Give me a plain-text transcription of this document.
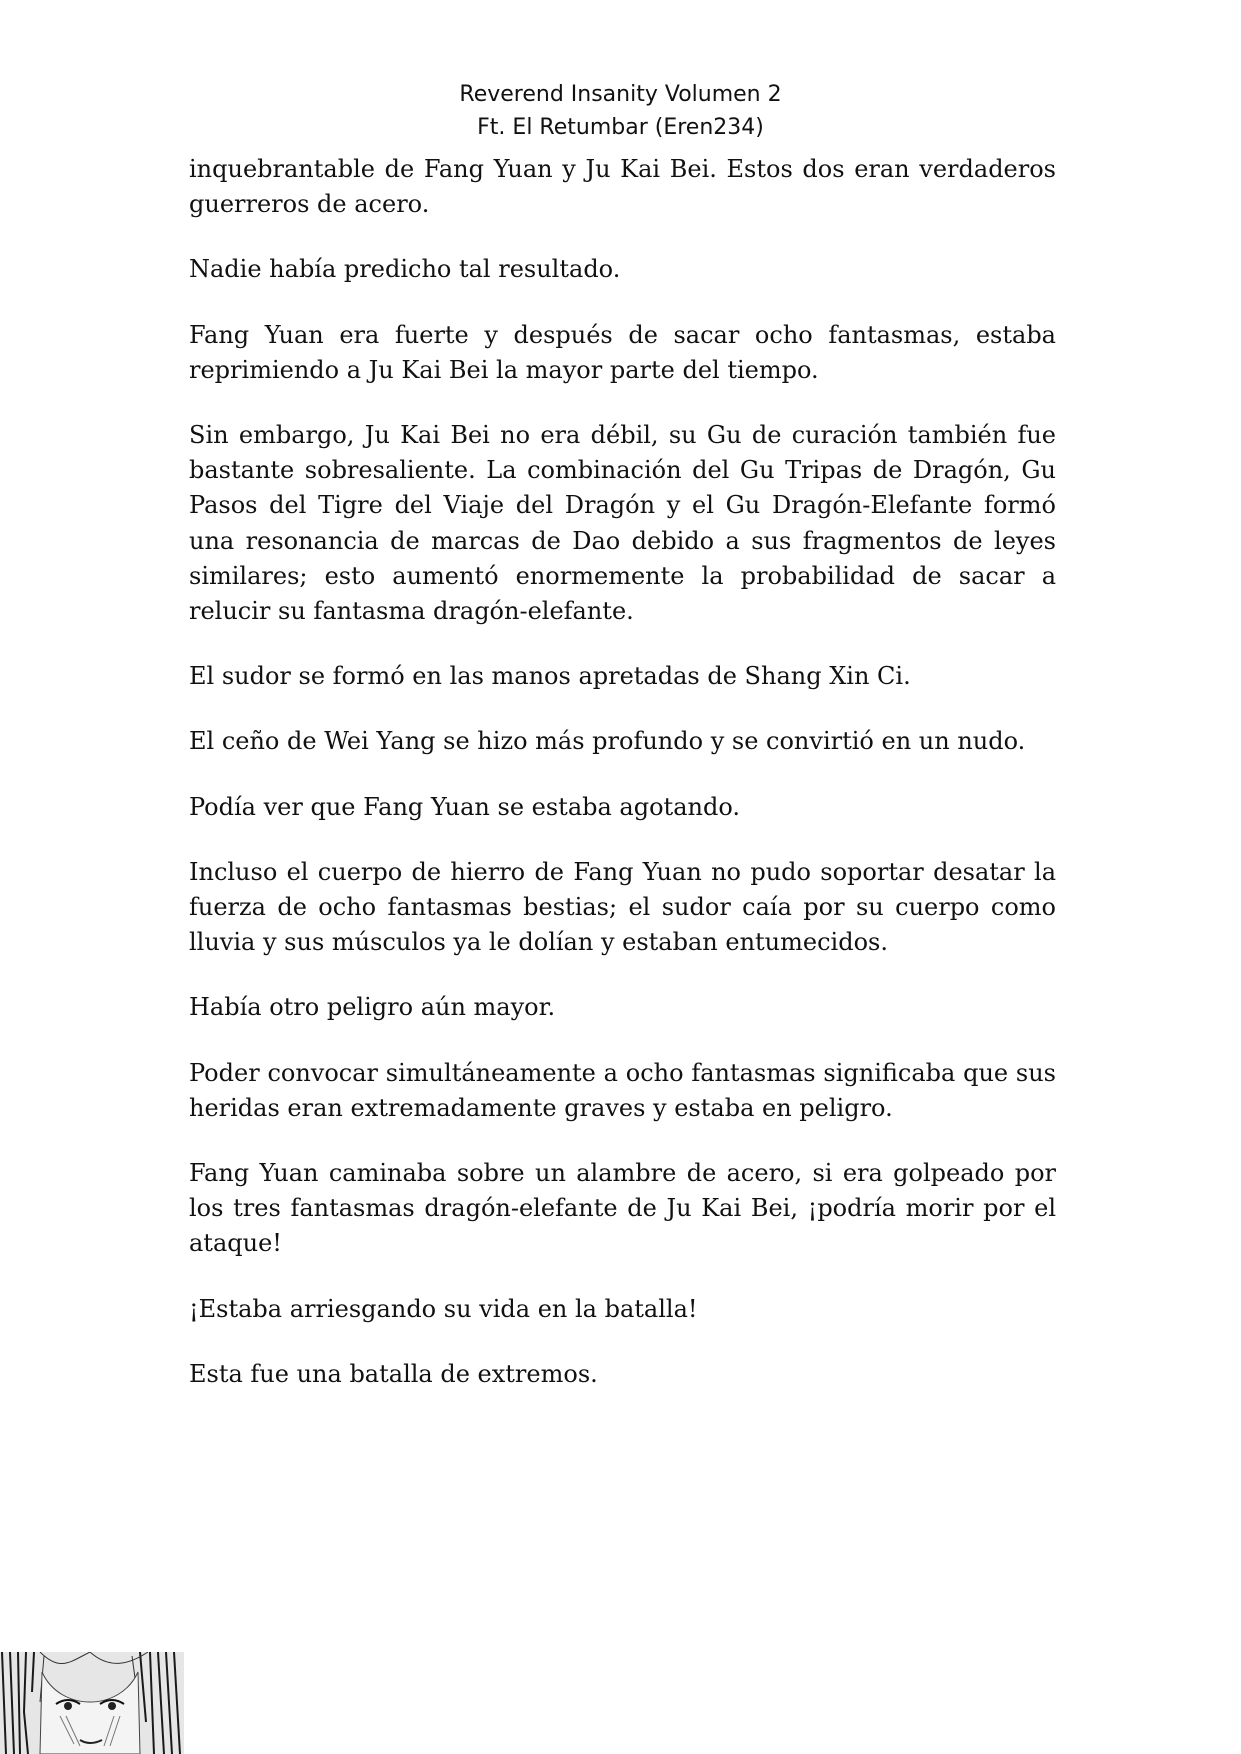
Reverend Insanity Volumen 2
Ft. El Retumbar (Eren234)

inquebrantable de Fang Yuan y Ju Kai Bei. Estos dos eran verdaderos guerreros de acero.

Nadie había predicho tal resultado.

Fang Yuan era fuerte y después de sacar ocho fantasmas, estaba reprimiendo a Ju Kai Bei la mayor parte del tiempo.

Sin embargo, Ju Kai Bei no era débil, su Gu de curación también fue bastante sobresaliente. La combinación del Gu Tripas de Dragón, Gu Pasos del Tigre del Viaje del Dragón y el Gu Dragón-Elefante formó una resonancia de marcas de Dao debido a sus fragmentos de leyes similares; esto aumentó enormemente la probabilidad de sacar a relucir su fantasma dragón-elefante.

El sudor se formó en las manos apretadas de Shang Xin Ci.

El ceño de Wei Yang se hizo más profundo y se convirtió en un nudo.

Podía ver que Fang Yuan se estaba agotando.

Incluso el cuerpo de hierro de Fang Yuan no pudo soportar desatar la fuerza de ocho fantasmas bestias; el sudor caía por su cuerpo como lluvia y sus músculos ya le dolían y estaban entumecidos.

Había otro peligro aún mayor.

Poder convocar simultáneamente a ocho fantasmas significaba que sus heridas eran extremadamente graves y estaba en peligro.

Fang Yuan caminaba sobre un alambre de acero, si era golpeado por los tres fantasmas dragón-elefante de Ju Kai Bei, ¡podría morir por el ataque!

¡Estaba arriesgando su vida en la batalla!

Esta fue una batalla de extremos.
